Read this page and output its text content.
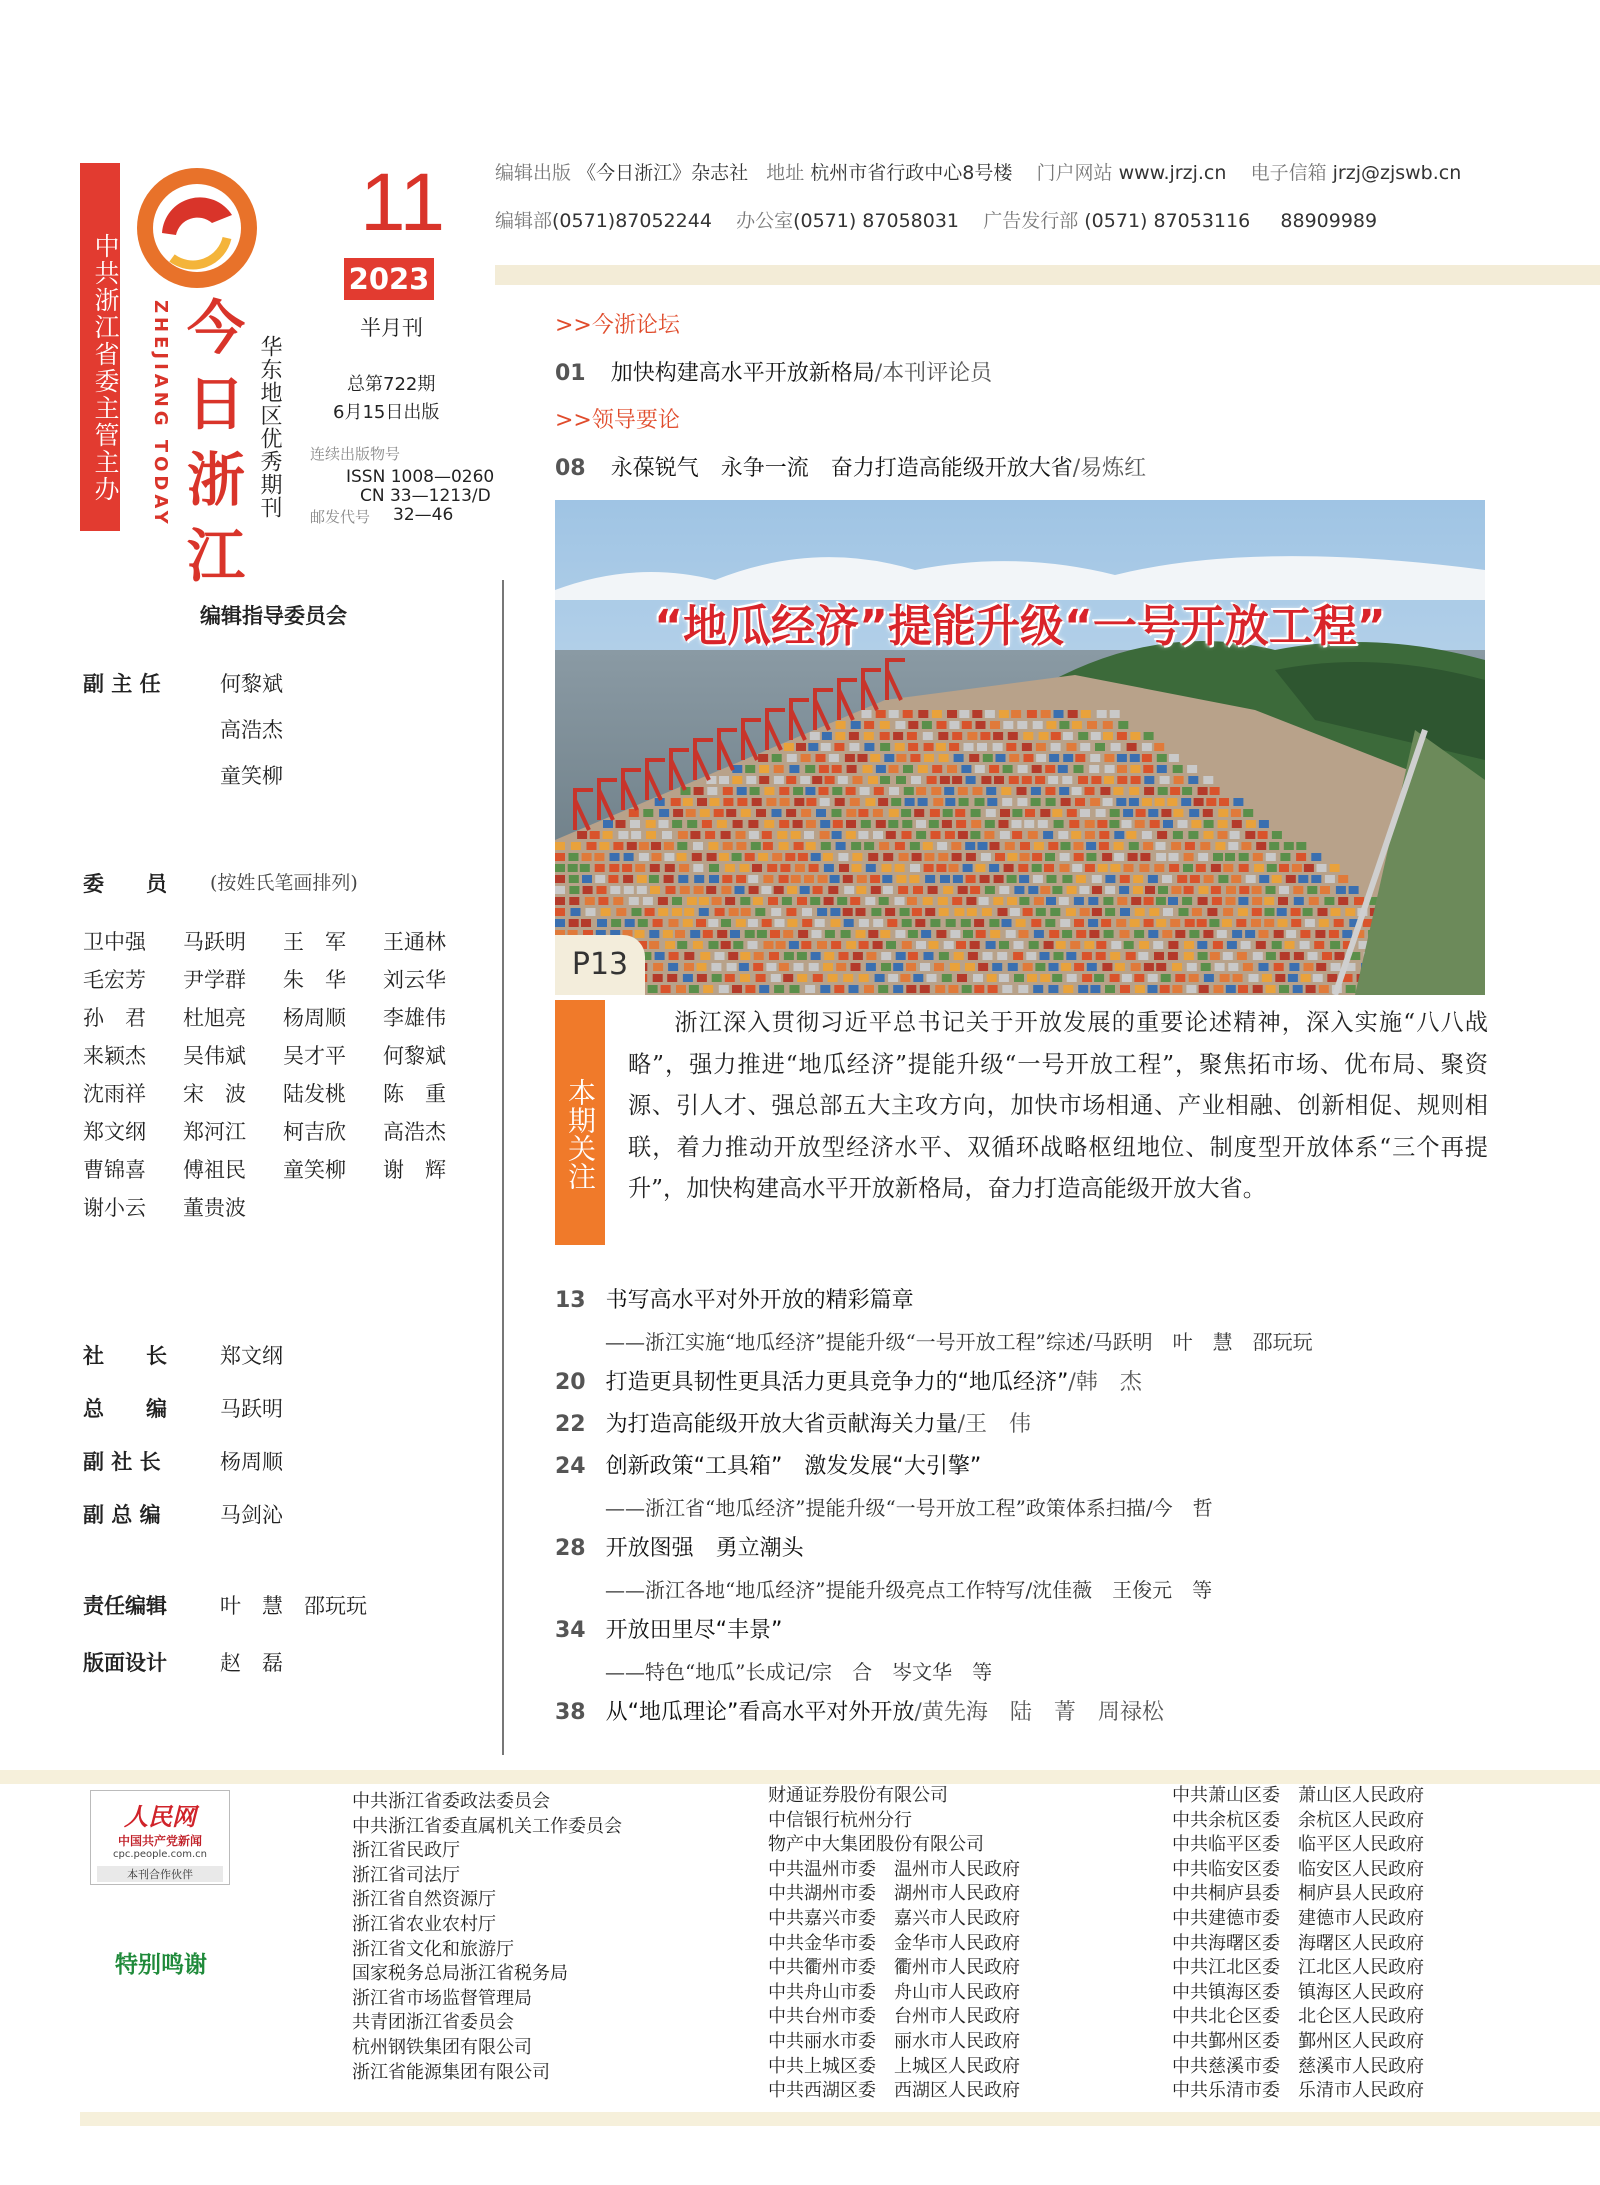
中共浙江省委主管主办 ZHEJIANG TODAY 今
日
浙
江
华东地区优秀期刊
11
2023
半月刊
总第722期
6月15日出版
连续出版物号
ISSN 1008—0260
CN 33—1213/D
邮发代号 32—46
编辑出版 《今日浙江》杂志社 地址 杭州市省行政中心8号楼 门户网站 www.jrzj.cn 电子信箱 jrzj@zjswb.cn
编辑部(0571)87052244 办公室(0571) 87058031 广告发行部 (0571) 87053116 88909989
编辑指导委员会
副 主 任	何黎斌
高浩杰
童笑柳
委　　员 (按姓氏笔画排列)
卫中强	马跃明	王　军	王通林
毛宏芳	尹学群	朱　华	刘云华
孙　君	杜旭亮	杨周顺	李雄伟
来颖杰	吴伟斌	吴才平	何黎斌
沈雨祥	宋　波	陆发桃	陈　重
郑文纲	郑河江	柯吉欣	高浩杰
曹锦喜	傅祖民	童笑柳	谢　辉
谢小云	董贵波
社　　长	郑文纲
总　　编	马跃明
副 社 长	杨周顺
副 总 编	马剑沁
责任编辑	叶　慧　邵玩玩
版面设计	赵　磊
>>今浙论坛
01 加快构建高水平开放新格局/本刊评论员
>>领导要论
08 永葆锐气　永争一流　奋力打造高能级开放大省/易炼红
“地瓜经济”提能升级“一号开放工程”
P13
本期关注
浙江深入贯彻习近平总书记关于开放发展的重要论述精神，深入实施“八八战略”，强力推进“地瓜经济”提能升级“一号开放工程”，聚焦拓市场、优布局、聚资源、引人才、强总部五大主攻方向，加快市场相通、产业相融、创新相促、规则相联，着力推动开放型经济水平、双循环战略枢纽地位、制度型开放体系“三个再提升”，加快构建高水平开放新格局，奋力打造高能级开放大省。
13 书写高水平对外开放的精彩篇章
——浙江实施“地瓜经济”提能升级“一号开放工程”综述/马跃明　叶　慧　邵玩玩
20 打造更具韧性更具活力更具竞争力的“地瓜经济”/韩　杰
22 为打造高能级开放大省贡献海关力量/王　伟
24 创新政策“工具箱”　激发发展“大引擎”
——浙江省“地瓜经济”提能升级“一号开放工程”政策体系扫描/今　哲
28 开放图强　勇立潮头
——浙江各地“地瓜经济”提能升级亮点工作特写/沈佳薇　王俊元　等
34 开放田里尽“丰景”
——特色“地瓜”长成记/宗　合　岑文华　等
38 从“地瓜理论”看高水平对外开放/黄先海　陆　菁　周禄松
人民网
中国共产党新闻
cpc.people.com.cn
本刊合作伙伴
特别鸣谢
中共浙江省委政法委员会
中共浙江省委直属机关工作委员会
浙江省民政厅
浙江省司法厅
浙江省自然资源厅
浙江省农业农村厅
浙江省文化和旅游厅
国家税务总局浙江省税务局
浙江省市场监督管理局
共青团浙江省委员会
杭州钢铁集团有限公司
浙江省能源集团有限公司
财通证券股份有限公司
中信银行杭州分行
物产中大集团股份有限公司
中共温州市委　温州市人民政府
中共湖州市委　湖州市人民政府
中共嘉兴市委　嘉兴市人民政府
中共金华市委　金华市人民政府
中共衢州市委　衢州市人民政府
中共舟山市委　舟山市人民政府
中共台州市委　台州市人民政府
中共丽水市委　丽水市人民政府
中共上城区委　上城区人民政府
中共西湖区委　西湖区人民政府
中共萧山区委　萧山区人民政府
中共余杭区委　余杭区人民政府
中共临平区委　临平区人民政府
中共临安区委　临安区人民政府
中共桐庐县委　桐庐县人民政府
中共建德市委　建德市人民政府
中共海曙区委　海曙区人民政府
中共江北区委　江北区人民政府
中共镇海区委　镇海区人民政府
中共北仑区委　北仑区人民政府
中共鄞州区委　鄞州区人民政府
中共慈溪市委　慈溪市人民政府
中共乐清市委　乐清市人民政府
